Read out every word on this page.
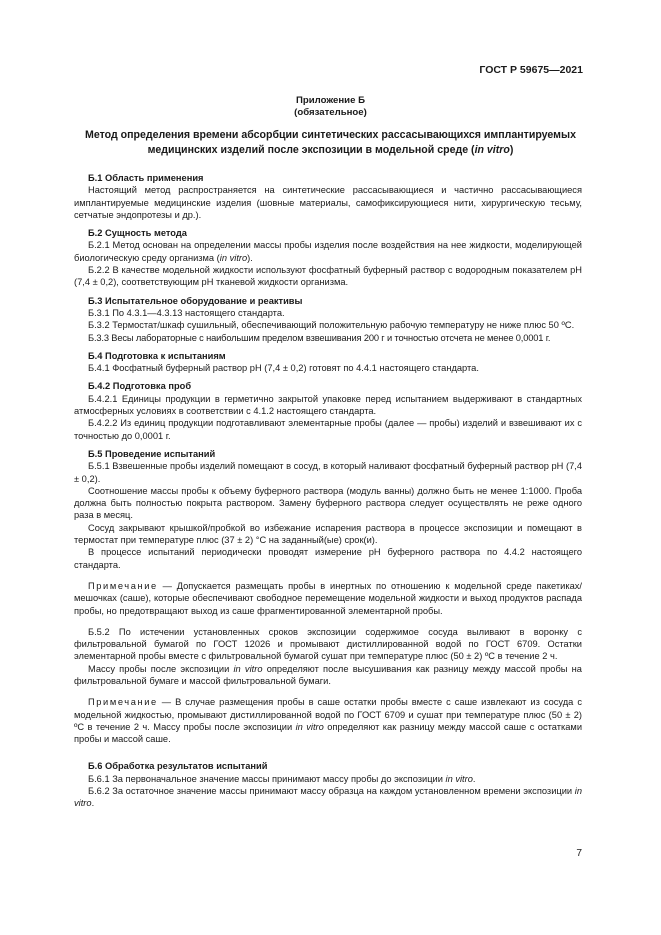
ГОСТ Р 59675—2021
Приложение Б
(обязательное)
Метод определения времени абсорбции синтетических рассасывающихся имплантируемых
медицинских изделий после экспозиции в модельной среде (in vitro)
Б.1 Область применения

Настоящий метод распространяется на синтетические рассасывающиеся и частично рассасывающиеся имплантируемые медицинские изделия (шовные материалы, самофиксирующиеся нити, хирургическую тесьму, сетчатые эндопротезы и др.).

Б.2 Сущность метода

Б.2.1 Метод основан на определении массы пробы изделия после воздействия на нее жидкости, моделирующей биологическую среду организма (in vitro).

Б.2.2 В качестве модельной жидкости используют фосфатный буферный раствор с водородным показателем рН (7,4 ± 0,2), соответствующим рН тканевой жидкости организма.

Б.3 Испытательное оборудование и реактивы

Б.3.1 По 4.3.1—4.3.13 настоящего стандарта.

Б.3.2 Термостат/шкаф сушильный, обеспечивающий положительную рабочую температуру не ниже плюс 50 ºС.

Б.3.3 Весы лабораторные с наибольшим пределом взвешивания 200 г и точностью отсчета не менее 0,0001 г.

Б.4 Подготовка к испытаниям

Б.4.1 Фосфатный буферный раствор рН (7,4 ± 0,2) готовят по 4.4.1 настоящего стандарта.

Б.4.2 Подготовка проб

Б.4.2.1 Единицы продукции в герметично закрытой упаковке перед испытанием выдерживают в стандартных атмосферных условиях в соответствии с 4.1.2 настоящего стандарта.

Б.4.2.2 Из единиц продукции подготавливают элементарные пробы (далее — пробы) изделий и взвешивают их с точностью до 0,0001 г.

Б.5 Проведение испытаний

Б.5.1 Взвешенные пробы изделий помещают в сосуд, в который наливают фосфатный буферный раствор рН (7,4 ± 0,2).

Соотношение массы пробы к объему буферного раствора (модуль ванны) должно быть не менее 1:1000. Проба должна быть полностью покрыта раствором. Замену буферного раствора следует осуществлять не реже одного раза в месяц.

Сосуд закрывают крышкой/пробкой во избежание испарения раствора в процессе экспозиции и помещают в термостат при температуре плюс (37 ± 2) °С на заданный(ые) срок(и).

В процессе испытаний периодически проводят измерение рН буферного раствора по 4.4.2 настоящего стандарта.

Примечание — Допускается размещать пробы в инертных по отношению к модельной среде пакетиках/мешочках (саше), которые обеспечивают свободное перемещение модельной жидкости и выход продуктов распада пробы, но предотвращают выход из саше фрагментированной элементарной пробы.

Б.5.2 По истечении установленных сроков экспозиции содержимое сосуда выливают в воронку с фильтровальной бумагой по ГОСТ 12026 и промывают дистиллированной водой по ГОСТ 6709. Остатки элементарной пробы вместе с фильтровальной бумагой сушат при температуре плюс (50 ± 2) ºС в течение 2 ч.

Массу пробы после экспозиции in vitro определяют после высушивания как разницу между массой пробы на фильтровальной бумаге и массой фильтровальной бумаги.

Примечание — В случае размещения пробы в саше остатки пробы вместе с саше извлекают из сосуда с модельной жидкостью, промывают дистиллированной водой по ГОСТ 6709 и сушат при температуре плюс (50 ± 2) ºС в течение 2 ч. Массу пробы после экспозиции in vitro определяют как разницу между массой саше с остатками пробы и массой саше.

Б.6 Обработка результатов испытаний

Б.6.1 За первоначальное значение массы принимают массу пробы до экспозиции in vitro.

Б.6.2 За остаточное значение массы принимают массу образца на каждом установленном времени экспозиции in vitro.

7
